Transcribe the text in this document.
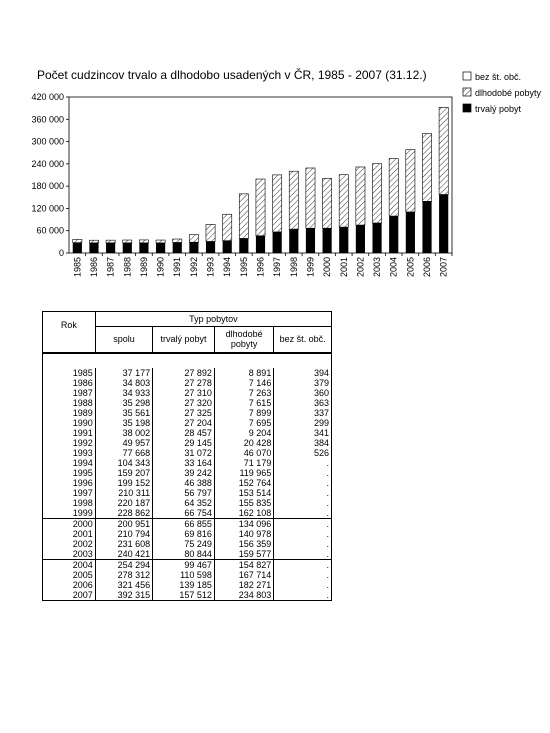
Počet cudzincov trvalo a dlhodobo usadených v ČR, 1985 - 2007 (31.12.)
1985 1986 1987 1988 1989 1990 1991 1992 1993 1994 1995 1996 1997 1998 1999 2000 2001 2002 2003 2004 2005 2006 2007
0
60 000
120 000
180 000
240 000
300 000
360 000
420 000
bez št. obč.
dlhodobé pobyty
trvalý pobyt
Rok	Typ pobytov			
	spolu	trvalý pobyt	dlhodobé pobyty	bez št. obč.

1985	37 177	27 892	8 891	394
1986	34 803	27 278	7 146	379
1987	34 933	27 310	7 263	360
1988	35 298	27 320	7 615	363
1989	35 561	27 325	7 899	337
1990	35 198	27 204	7 695	299
1991	38 002	28 457	9 204	341
1992	49 957	29 145	20 428	384
1993	77 668	31 072	46 070	526
1994	104 343	33 164	71 179	.
1995	159 207	39 242	119 965	.
1996	199 152	46 388	152 764	.
1997	210 311	56 797	153 514	.
1998	220 187	64 352	155 835	.
1999	228 862	66 754	162 108	.
2000	200 951	66 855	134 096	.
2001	210 794	69 816	140 978	.
2002	231 608	75 249	156 359	.
2003	240 421	80 844	159 577	.
2004	254 294	99 467	154 827	.
2005	278 312	110 598	167 714	.
2006	321 456	139 185	182 271	.
2007	392 315	157 512	234 803	.
